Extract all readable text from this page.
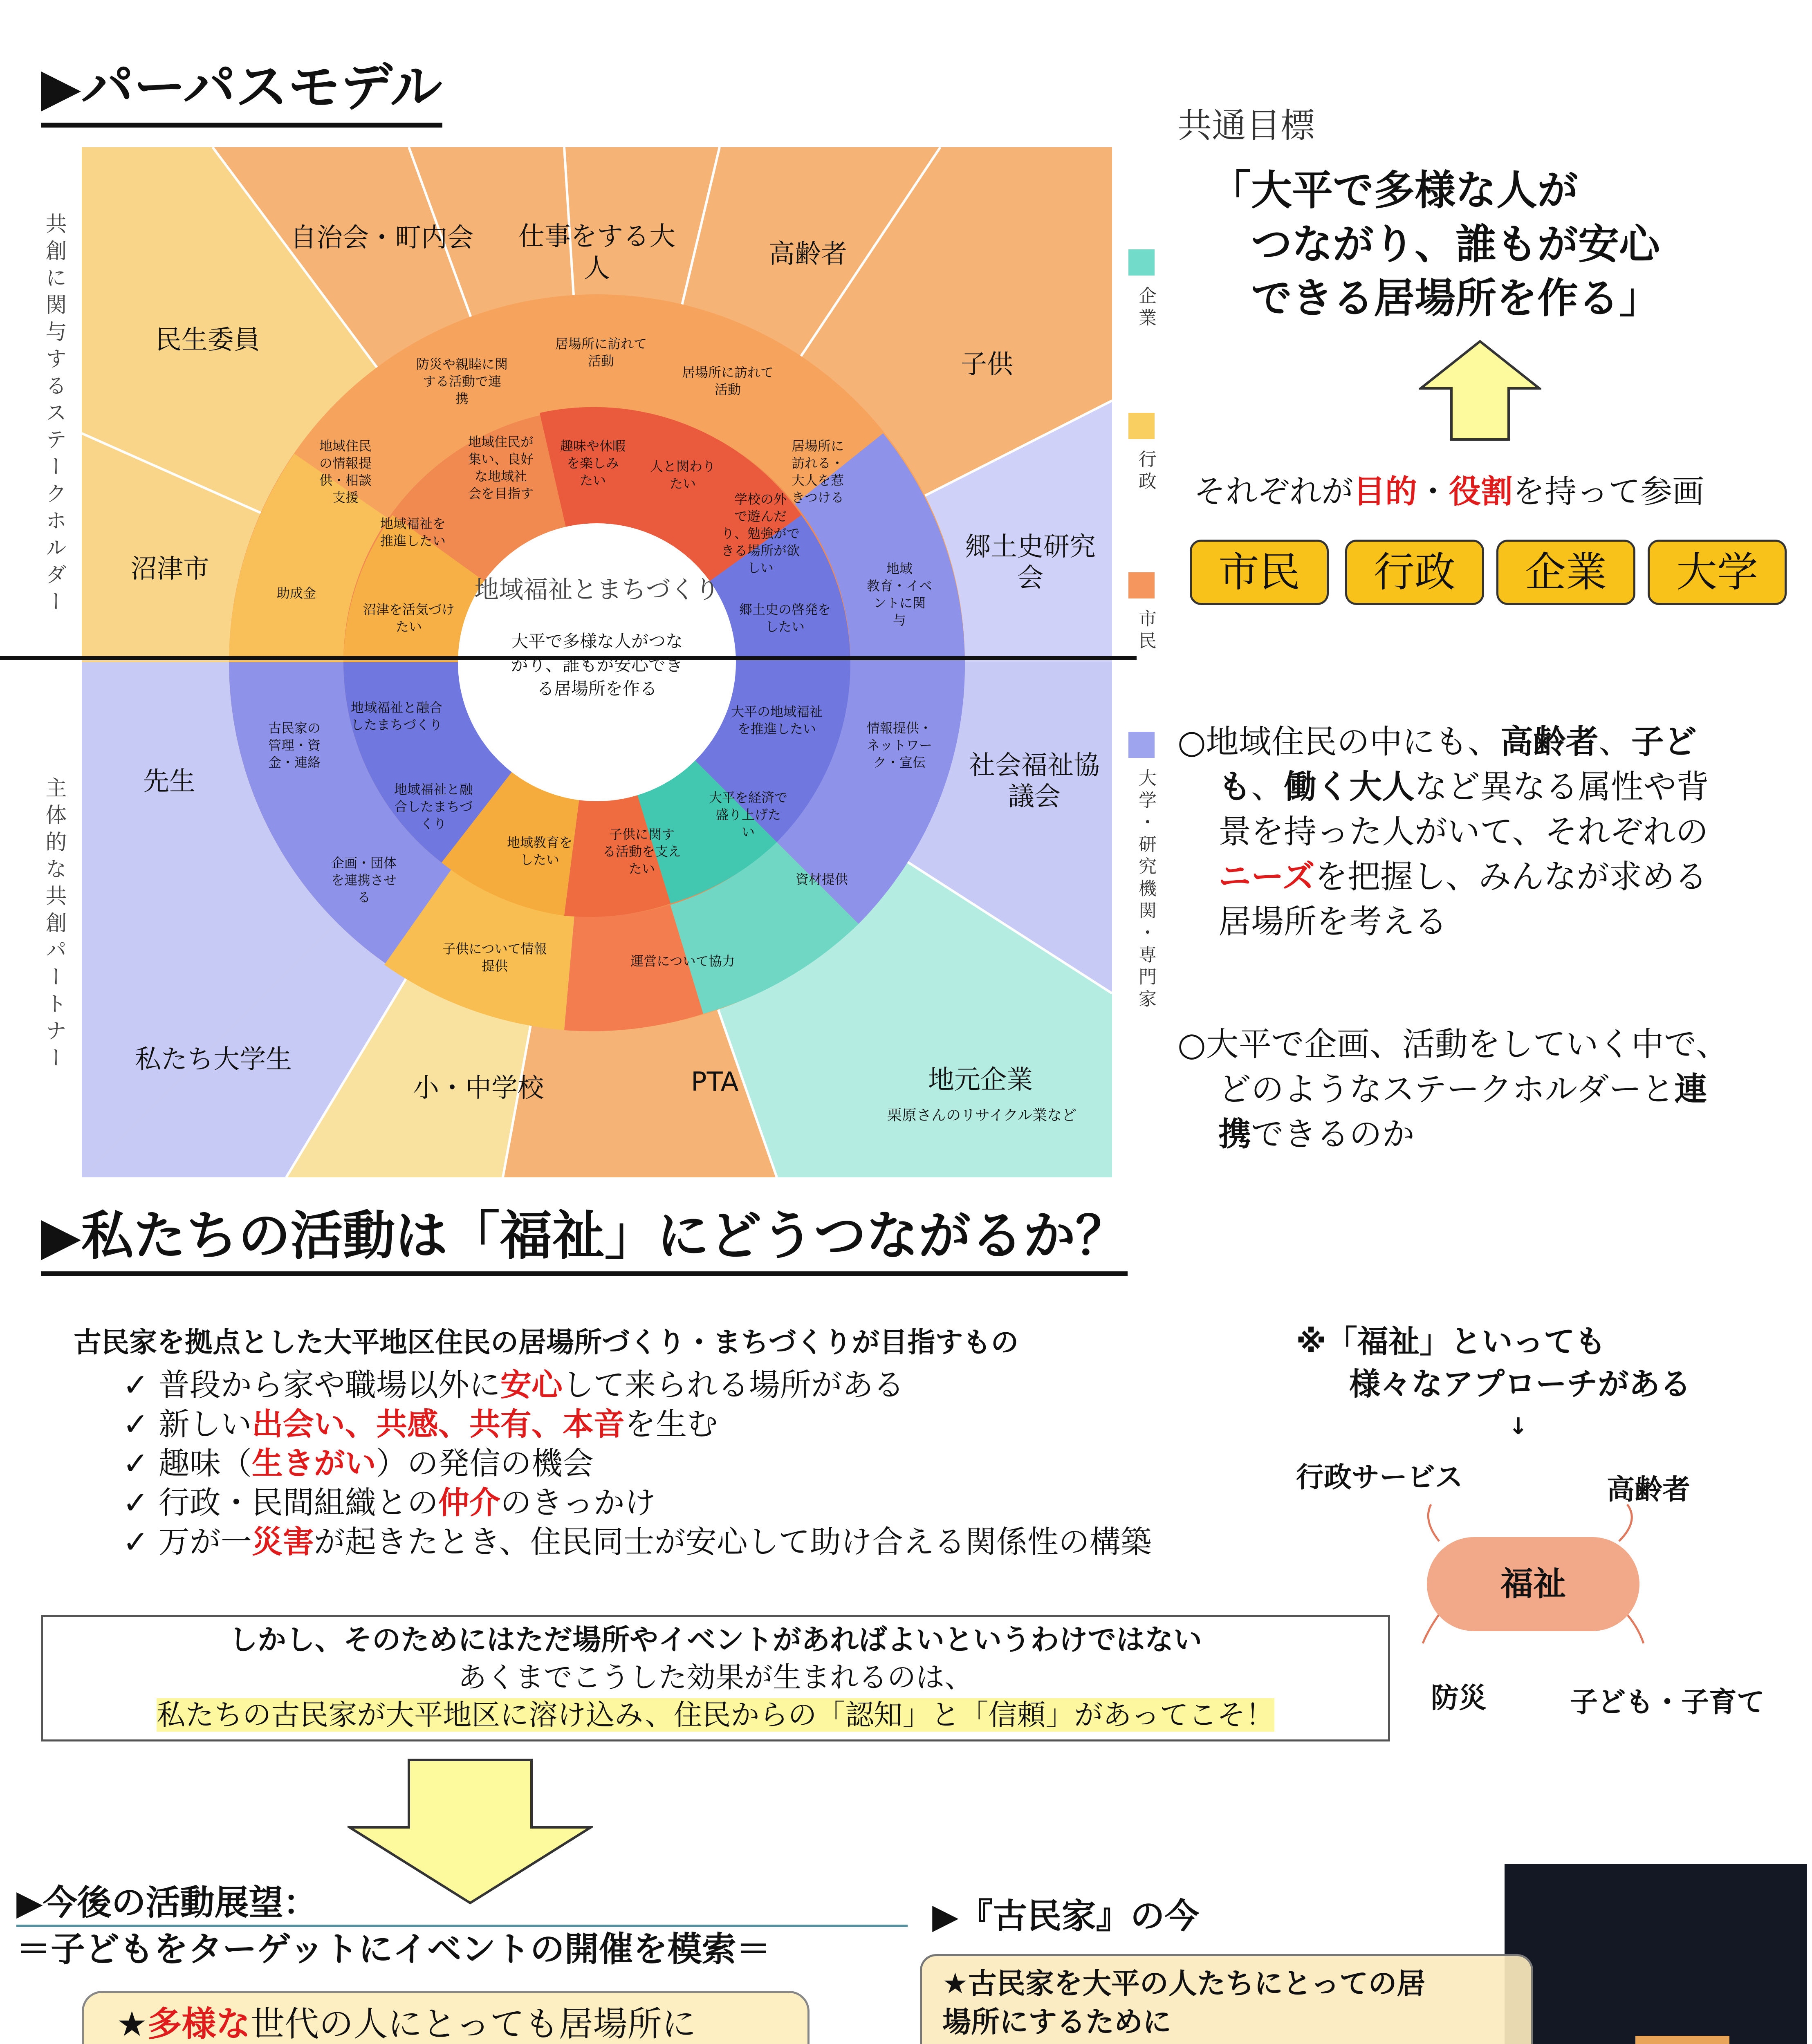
▶パーパスモデル
共創に関与するステークホルダー
主体的な共創パートナー
地域福祉とまちづくり
大平で多様な人がつな
がり、誰もが安心でき
る居場所を作る
自治会・町内会 仕事をする大
人	高齢者
子供
民生委員
沼津市
郷土史研究
会
社会福祉協
議会
先生
私たち大学生
小・中学校	PTA	地元企業
栗原さんのリサイクル業など
防災や親睦に関
する活動で連
携
居場所に訪れて
活動
居場所に訪れて
活動
地域住民
の情報提
供・相談
支援
地域住民が
集い、良好
な地域社
会を目指す
趣味や休暇
を楽しみ
たい
人と関わり
たい
居場所に
訪れる・
大人を惹
きつける
学校の外
で遊んだ
り、勉強がで
きる場所が欲
しい
地域福祉を
推進したい
助成金
沼津を活気づけ
たい
郷土史の啓発を
したい
地域
教育・イベ
ントに関
与
地域福祉と融合
したまちづくり
古民家の
管理・資
金・連絡
地域福祉と融
合したまちづ
くり
大平の地域福祉
を推進したい	情報提供・
ネットワー
ク・宣伝
大平を経済で
盛り上げた
い
資材提供
企画・団体
を連携させ
る
地域教育を
したい
子供に関す
る活動を支え
たい
子供について情報
提供	運営について協力
企業
行政
市民
大学・研究機関・専門家
共通目標
「大平で多様な人が
つながり、誰もが安心
できる居場所を作る」
それぞれが目的・役割を持って参画
市民	行政	企業	大学
○地域住民の中にも、高齢者、子ど
も、働く大人など異なる属性や背
景を持った人がいて、それぞれの
ニーズを把握し、みんなが求める
居場所を考える
○大平で企画、活動をしていく中で、
どのようなステークホルダーと連
携できるのか
▶私たちの活動は「福祉」にどうつながるか？
古民家を拠点とした大平地区住民の居場所づくり・まちづくりが目指すもの
✓ 普段から家や職場以外に安心して来られる場所がある
✓ 新しい出会い、共感、共有、本音を生む
✓ 趣味（生きがい）の発信の機会
✓ 行政・民間組織との仲介のきっかけ
✓ 万が一災害が起きたとき、住民同士が安心して助け合える関係性の構築
しかし、そのためにはただ場所やイベントがあればよいというわけではない
あくまでこうした効果が生まれるのは、
私たちの古民家が大平地区に溶け込み、住民からの「認知」と「信頼」があってこそ！
※「福祉」といっても
様々なアプローチがある
↓
福祉
行政サービス	高齢者
防災	子ども・子育て
▶今後の活動展望：
＝子どもをターゲットにイベントの開催を模索＝
★多様な世代の人にとっても居場所に
▶『古民家』の今
★古民家を大平の人たちにとっての居
場所にするために
